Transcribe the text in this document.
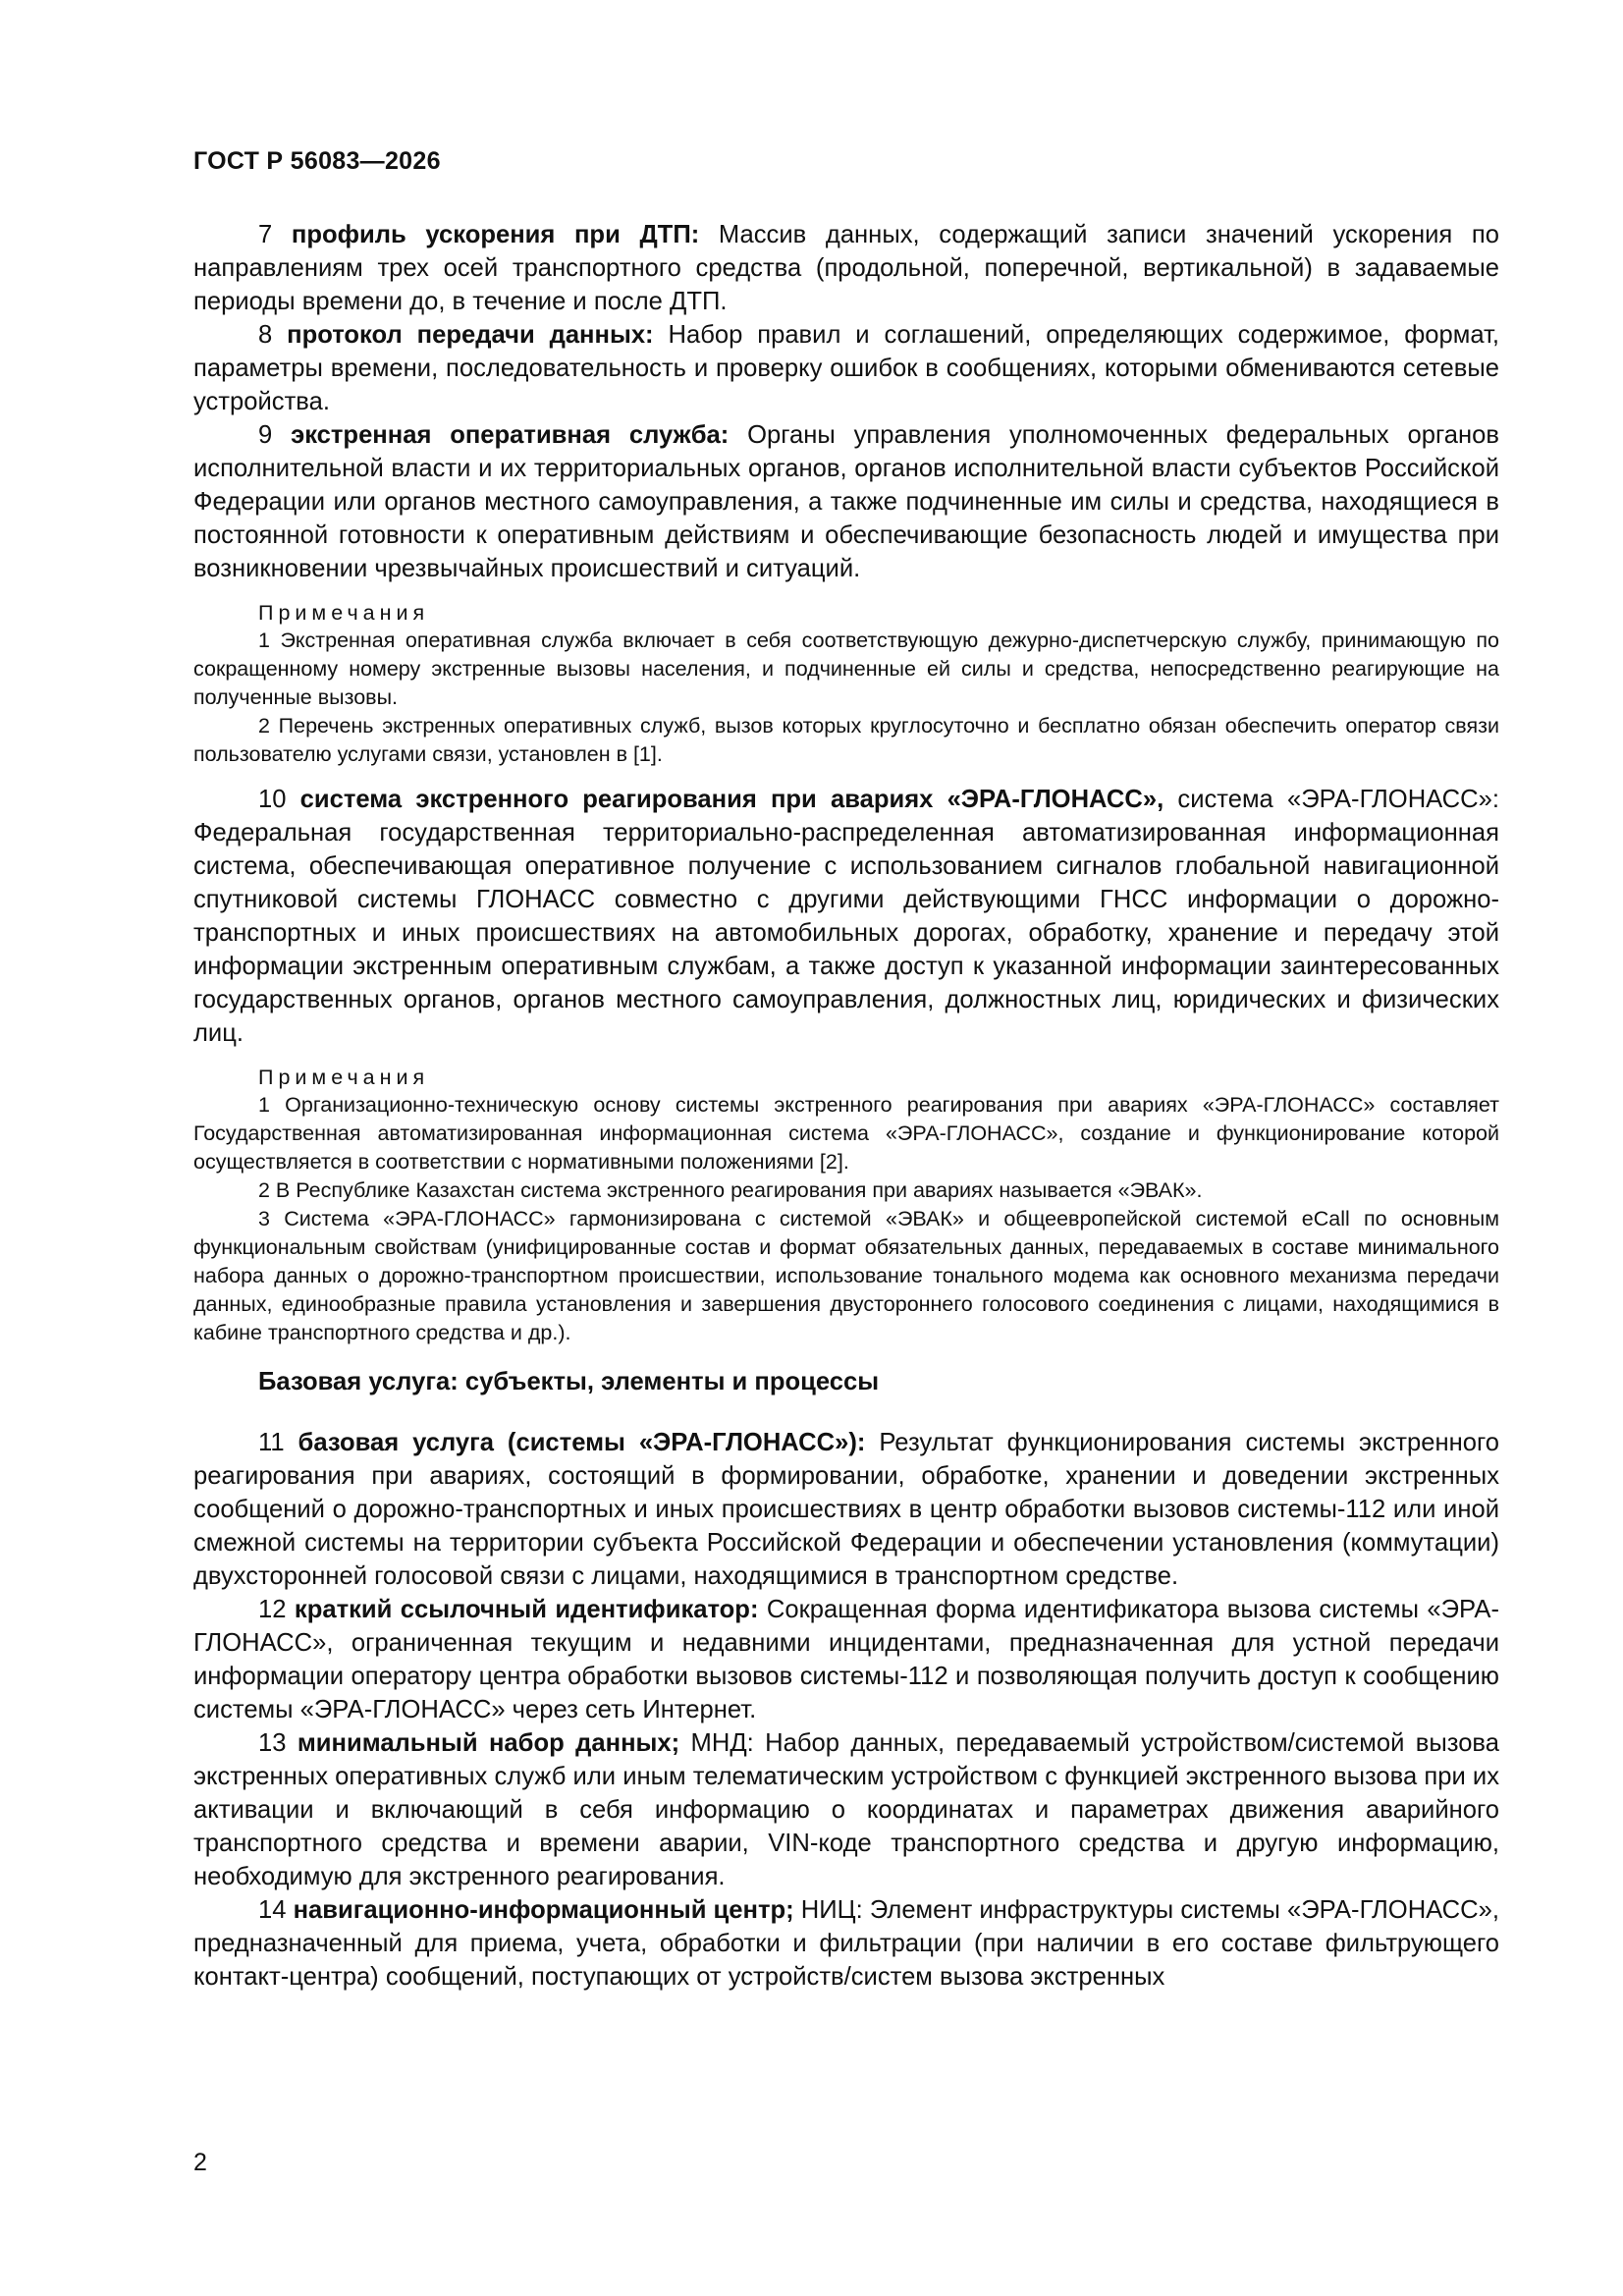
ГОСТ Р 56083—2026

7 профиль ускорения при ДТП: Массив данных, содержащий записи значений ускорения по направлениям трех осей транспортного средства (продольной, поперечной, вертикальной) в задаваемые периоды времени до, в течение и после ДТП.

8 протокол передачи данных: Набор правил и соглашений, определяющих содержимое, формат, параметры времени, последовательность и проверку ошибок в сообщениях, которыми обмениваются сетевые устройства.

9 экстренная оперативная служба: Органы управления уполномоченных федеральных органов исполнительной власти и их территориальных органов, органов исполнительной власти субъектов Российской Федерации или органов местного самоуправления, а также подчиненные им силы и средства, находящиеся в постоянной готовности к оперативным действиям и обеспечивающие безопасность людей и имущества при возникновении чрезвычайных происшествий и ситуаций.

Примечания

1 Экстренная оперативная служба включает в себя соответствующую дежурно-диспетчерскую службу, принимающую по сокращенному номеру экстренные вызовы населения, и подчиненные ей силы и средства, непосредственно реагирующие на полученные вызовы.

2 Перечень экстренных оперативных служб, вызов которых круглосуточно и бесплатно обязан обеспечить оператор связи пользователю услугами связи, установлен в [1].

10 система экстренного реагирования при авариях «ЭРА-ГЛОНАСС», система «ЭРА-ГЛОНАСС»: Федеральная государственная территориально-распределенная автоматизированная информационная система, обеспечивающая оперативное получение с использованием сигналов глобальной навигационной спутниковой системы ГЛОНАСС совместно с другими действующими ГНСС информации о дорожно-транспортных и иных происшествиях на автомобильных дорогах, обработку, хранение и передачу этой информации экстренным оперативным службам, а также доступ к указанной информации заинтересованных государственных органов, органов местного самоуправления, должностных лиц, юридических и физических лиц.

Примечания

1 Организационно-техническую основу системы экстренного реагирования при авариях «ЭРА-ГЛОНАСС» составляет Государственная автоматизированная информационная система «ЭРА-ГЛОНАСС», создание и функционирование которой осуществляется в соответствии с нормативными положениями [2].

2 В Республике Казахстан система экстренного реагирования при авариях называется «ЭВАК».

3 Система «ЭРА-ГЛОНАСС» гармонизирована с системой «ЭВАК» и общеевропейской системой eCall по основным функциональным свойствам (унифицированные состав и формат обязательных данных, передаваемых в составе минимального набора данных о дорожно-транспортном происшествии, использование тонального модема как основного механизма передачи данных, единообразные правила установления и завершения двустороннего голосового соединения с лицами, находящимися в кабине транспортного средства и др.).

Базовая услуга: субъекты, элементы и процессы

11 базовая услуга (системы «ЭРА-ГЛОНАСС»): Результат функционирования системы экстренного реагирования при авариях, состоящий в формировании, обработке, хранении и доведении экстренных сообщений о дорожно-транспортных и иных происшествиях в центр обработки вызовов системы-112 или иной смежной системы на территории субъекта Российской Федерации и обеспечении установления (коммутации) двухсторонней голосовой связи с лицами, находящимися в транспортном средстве.

12 краткий ссылочный идентификатор: Сокращенная форма идентификатора вызова системы «ЭРА-ГЛОНАСС», ограниченная текущим и недавними инцидентами, предназначенная для устной передачи информации оператору центра обработки вызовов системы-112 и позволяющая получить доступ к сообщению системы «ЭРА-ГЛОНАСС» через сеть Интернет.

13 минимальный набор данных; МНД: Набор данных, передаваемый устройством/системой вызова экстренных оперативных служб или иным телематическим устройством с функцией экстренного вызова при их активации и включающий в себя информацию о координатах и параметрах движения аварийного транспортного средства и времени аварии, VIN-коде транспортного средства и другую информацию, необходимую для экстренного реагирования.

14 навигационно-информационный центр; НИЦ: Элемент инфраструктуры системы «ЭРА-ГЛОНАСС», предназначенный для приема, учета, обработки и фильтрации (при наличии в его составе фильтрующего контакт-центра) сообщений, поступающих от устройств/систем вызова экстренных

2
